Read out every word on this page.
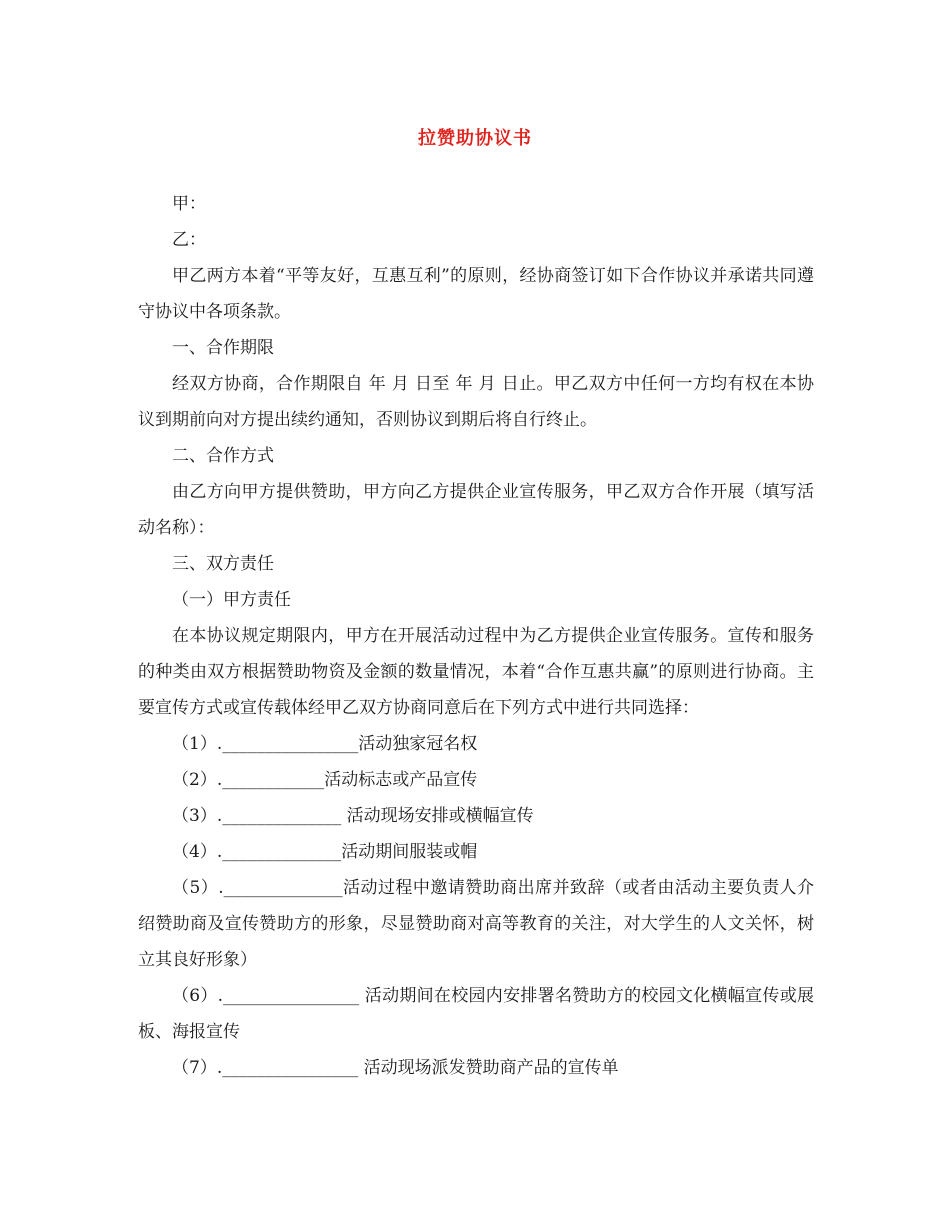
拉赞助协议书

甲：

乙：

甲乙两方本着“平等友好，互惠互利”的原则，经协商签订如下合作协议并承诺共同遵守协议中各项条款。

一、合作期限

经双方协商，合作期限自 年 月 日至 年 月 日止。甲乙双方中任何一方均有权在本协议到期前向对方提出续约通知，否则协议到期后将自行终止。

二、合作方式

由乙方向甲方提供赞助，甲方向乙方提供企业宣传服务，甲乙双方合作开展（填写活动名称）：

三、双方责任

（一）甲方责任

在本协议规定期限内，甲方在开展活动过程中为乙方提供企业宣传服务。宣传和服务的种类由双方根据赞助物资及金额的数量情况，本着“合作互惠共赢”的原则进行协商。主要宣传方式或宣传载体经甲乙双方协商同意后在下列方式中进行共同选择：

（1）.________________活动独家冠名权

（2）.____________活动标志或产品宣传

（3）.______________ 活动现场安排或横幅宣传

（4）.______________活动期间服装或帽

（5）.______________活动过程中邀请赞助商出席并致辞（或者由活动主要负责人介绍赞助商及宣传赞助方的形象，尽显赞助商对高等教育的关注，对大学生的人文关怀，树立其良好形象）

（6）.________________ 活动期间在校园内安排署名赞助方的校园文化横幅宣传或展板、海报宣传

（7）.________________ 活动现场派发赞助商产品的宣传单
